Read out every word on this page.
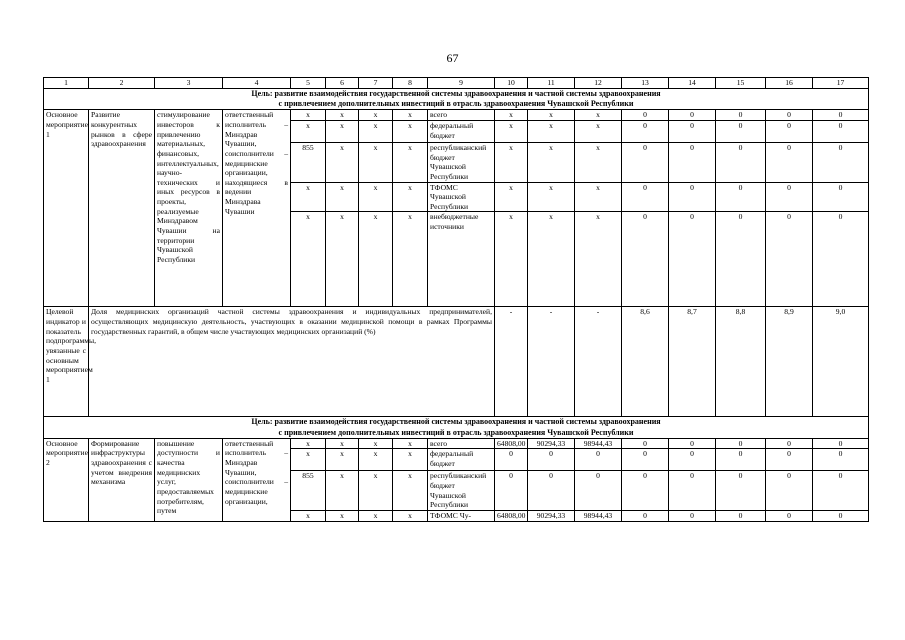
67
1	2	3	4	5	6	7	8	9	10	11	12	13	14	15	16	17

Цель: развитие взаимодействия государственной системы здравоохранения и частной системы здравоохранения
с привлечением дополнительных инвестиций в отрасль здравоохранения Чувашской Республики																

Основное мероприятие 1	Развитие конкурентных рынков в сфере здравоохранения	стимулирование инвесторов к привлечению материальных, финансовых, интеллектуальных, научно-технических и иных ресурсов в проекты, реализуемые Минздравом Чувашии на территории Чувашской Республики	ответственный исполнитель – Минздрав Чувашии, соисполнители – медицинские организации, находящиеся в ведении Минздрава Чувашии	x	x	x	x	всего	x	x	x	0	0	0	0	0
				x	x	x	x	федеральный бюджет	x	x	x	0	0	0	0	0
				855	x	x	x	республиканский бюджет Чувашской Республики	x	x	x	0	0	0	0	0
				x	x	x	x	ТФОМС Чувашской Республики	x	x	x	0	0	0	0	0
				x	x	x	x	внебюджетные источники	x	x	x	0	0	0	0	0
Целевой индикатор и показатель подпрограммы, увязанные с основным мероприятием 1	Доля медицинских организаций частной системы здравоохранения и индивидуальных предпринимателей, осуществляющих медицинскую деятельность, участвующих в оказании медицинской помощи в рамках Программы государственных гарантий, в общем числе участвующих медицинских организаций (%)								-	-	-	8,6	8,7	8,8	8,9	9,0

Цель: развитие взаимодействия государственной системы здравоохранения и частной системы здравоохранения
с привлечением дополнительных инвестиций в отрасль здравоохранения Чувашской Республики																

Основное мероприятие 2	Формирование инфраструктуры здравоохранения с учетом внедрения механизма	повышение доступности и качества медицинских услуг, предоставляемых потребителям, путем	ответственный исполнитель – Минздрав Чувашии, соисполнители – медицинские организации,	x	x	x	x	всего	64808,00	90294,33	98944,43	0	0	0	0	0
				x	x	x	x	федеральный бюджет	0	0	0	0	0	0	0	0
				855	x	x	x	республиканский бюджет Чувашской Республики	0	0	0	0	0	0	0	0
				x	x	x	x	ТФОМС Чу-	64808,00	90294,33	98944,43	0	0	0	0	0
